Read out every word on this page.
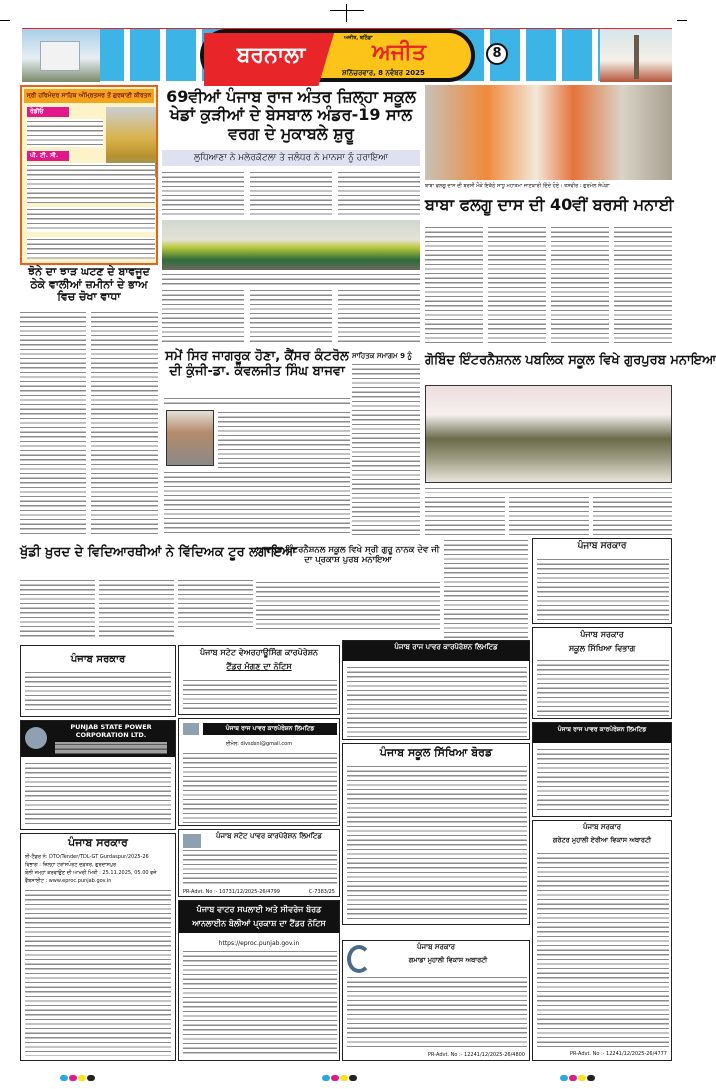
ਬਰਨਾਲਾ
ਅਜੀਤ, ਬਠਿੰਡਾ
ਅਜੀਤ
ਸ਼ਨਿੱਚਰਵਾਰ, 8 ਨਵੰਬਰ 2025
8
ਸ੍ਰੀ ਹਰਿਮੰਦਰ ਸਾਹਿਬ ਅੰਮ੍ਰਿਤਸਰ ਤੋਂ ਗੁਰਬਾਣੀ ਕੀਰਤਨ
ਰੇਡੀਓ
ਪੀ. ਟੀ. ਸੀ.
ਝੋਨੇ ਦਾ ਝਾੜ ਘਟਣ ਦੇ ਬਾਵਜੂਦ ਠੇਕੇ ਵਾਲੀਆਂ ਜ਼ਮੀਨਾਂ ਦੇ ਭਾਅ ਵਿਚ ਚੋਖਾ ਵਾਧਾ
69ਵੀਆਂ ਪੰਜਾਬ ਰਾਜ ਅੰਤਰ ਜ਼ਿਲ੍ਹਾ ਸਕੂਲ ਖੇਡਾਂ ਕੁੜੀਆਂ ਦੇ ਬੇਸਬਾਲ ਅੰਡਰ-19 ਸਾਲ ਵਰਗ ਦੇ ਮੁਕਾਬਲੇ ਸ਼ੁਰੂ
ਲੁਧਿਆਣਾ ਨੇ ਮਲੇਰਕੋਟਲਾ ਤੇ ਜਲੰਧਰ ਨੇ ਮਾਨਸਾ ਨੂੰ ਹਰਾਇਆ
ਸਮੇਂ ਸਿਰ ਜਾਗਰੂਕ ਹੋਣਾ, ਕੈਂਸਰ ਕੰਟਰੋਲ ਦੀ ਕੁੰਜੀ-ਡਾ. ਕੰਵਲਜੀਤ ਸਿੰਘ ਬਾਜਵਾ
ਸਾਹਿਤਕ ਸਮਾਗਮ 9 ਨੂੰ
ਬਾਬਾ ਫਲਗੂ ਦਾਸ ਦੀ ਬਰਸੀ ਮੌਕੇ ਇਕੱਠੇ ਸਾਧੂ ਮਹਾਤਮਾ ਜਾਣਕਾਰੀ ਦਿੰਦੇ ਹੋਏ। ਤਸਵੀਰ : ਗੁਰਮੇਲ ਸੰਘੇੜਾ
ਬਾਬਾ ਫਲਗੂ ਦਾਸ ਦੀ 40ਵੀਂ ਬਰਸੀ ਮਨਾਈ
ਗੋਬਿੰਦ ਇੰਟਰਨੈਸ਼ਨਲ ਪਬਲਿਕ ਸਕੂਲ ਵਿਖੇ ਗੁਰਪੁਰਬ ਮਨਾਇਆ
ਖੁੱਡੀ ਖ਼ੁਰਦ ਦੇ ਵਿਦਿਆਰਥੀਆਂ ਨੇ ਵਿੱਦਿਅਕ ਟੂਰ ਲਗਾਇਆ
ਆਦਰਸ਼ ਇੰਟਰਨੈਸ਼ਨਲ ਸਕੂਲ ਵਿਖੇ ਸ੍ਰੀ ਗੁਰੂ ਨਾਨਕ ਦੇਵ ਜੀ ਦਾ ਪ੍ਰਕਾਸ਼ ਪੁਰਬ ਮਨਾਇਆ
ਪੰਜਾਬ ਸਰਕਾਰ
PUNJAB STATE POWER CORPORATION LTD.
ਪੰਜਾਬ ਸਰਕਾਰ
ਈ-ਟੈਂਡਰ ਨੰ: DTO/Tender/TDL-GT Gurdaspur/2025-26
ਵਿਭਾਗ : ਜ਼ਿਲ੍ਹਾ ਟਰਾਂਸਪੋਰਟ ਦਫ਼ਤਰ, ਗੁਰਦਾਸਪੁਰ
ਬੋਲੀ ਜਮ੍ਹਾਂ ਕਰਵਾਉਣ ਦੀ ਆਖਰੀ ਮਿਤੀ : 25.11.2025, 05.00 ਵਜੇ
ਵੈੱਬਸਾਈਟ : www.eproc.punjab.gov.in
ਪੰਜਾਬ ਸਟੇਟ ਵੇਅਰਹਾਊਸਿੰਗ ਕਾਰਪੋਰੇਸ਼ਨ
ਟੈਂਡਰ ਮੰਗਣ ਦਾ ਨੋਟਿਸ
ਪੰਜਾਬ ਰਾਜ ਪਾਵਰ ਕਾਰਪੋਰੇਸ਼ਨ ਲਿਮਟਿਡ
ਈਮੇਲ: divsdsnl@gmail.com
ਪੰਜਾਬ ਸਟੇਟ ਪਾਵਰ ਕਾਰਪੋਰੇਸ਼ਨ ਲਿਮਟਿਡ
PR-Advt. No :- 10731/12/2025-26/4799	C-7383/25
ਪੰਜਾਬ ਵਾਟਰ ਸਪਲਾਈ ਅਤੇ ਸੀਵਰੇਜ ਬੋਰਡ ਆਨਲਾਈਨ ਬੋਲੀਆਂ ਪ੍ਰਕਾਸ਼ ਦਾ ਟੈਂਡਰ ਨੋਟਿਸ
https://eproc.punjab.gov.in
ਪੰਜਾਬ ਰਾਜ ਪਾਵਰ ਕਾਰਪੋਰੇਸ਼ਨ ਲਿਮਟਿਡ
ਪੰਜਾਬ ਸਕੂਲ ਸਿੱਖਿਆ ਬੋਰਡ
ਪੰਜਾਬ ਸਰਕਾਰ
ਗਮਾਡਾ ਮੁਹਾਲੀ ਵਿਕਾਸ ਅਥਾਰਟੀ
PR-Advt. No :- 12241/12/2025-26/4800
ਪੰਜਾਬ ਸਰਕਾਰ
ਪੰਜਾਬ ਸਰਕਾਰ
ਸਕੂਲ ਸਿੱਖਿਆ ਵਿਭਾਗ
ਪੰਜਾਬ ਰਾਜ ਪਾਵਰ ਕਾਰਪੋਰੇਸ਼ਨ ਲਿਮਟਿਡ
ਪੰਜਾਬ ਸਰਕਾਰ
ਗਰੇਟਰ ਮੁਹਾਲੀ ਏਰੀਆ ਵਿਕਾਸ ਅਥਾਰਟੀ
PR-Advt. No :- 12241/12/2025-26/4777
